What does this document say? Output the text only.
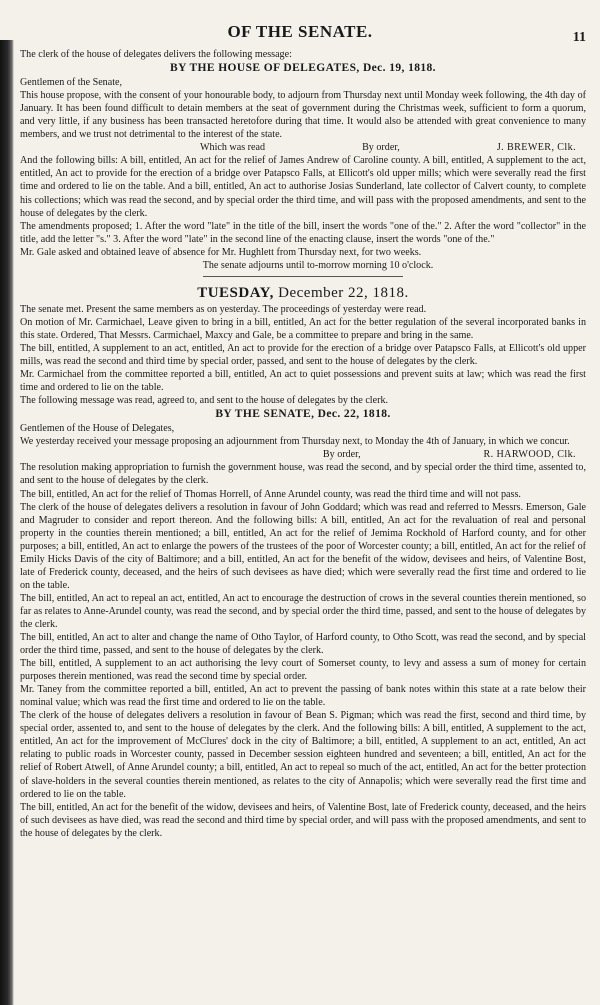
OF THE SENATE.	11

The clerk of the house of delegates delivers the following message:

BY THE HOUSE OF DELEGATES, Dec. 19, 1818.

Gentlemen of the Senate,

This house propose, with the consent of your honourable body, to adjourn from Thursday next until Monday week following, the 4th day of January. It has been found difficult to detain members at the seat of government during the Christmas week, sufficient to form a quorum, and very little, if any business has been transacted heretofore during that time. It would also be attended with great convenience to many members, and we trust not detrimental to the interest of the state.

Which was read	By order,	J. BREWER, Clk.

And the following bills: A bill, entitled, An act for the relief of James Andrew of Caroline county. A bill, entitled, A supplement to the act, entitled, An act to provide for the erection of a bridge over Patapsco Falls, at Ellicott's old upper mills; which were severally read the first time and ordered to lie on the table. And a bill, entitled, An act to authorise Josias Sunderland, late collector of Calvert county, to complete his collections; which was read the second, and by special order the third time, and will pass with the proposed amendments, and sent to the house of delegates by the clerk.

The amendments proposed; 1. After the word "late" in the title of the bill, insert the words "one of the." 2. After the word "collector" in the title, add the letter "s." 3. After the word "late" in the second line of the enacting clause, insert the words "one of the."

Mr. Gale asked and obtained leave of absence for Mr. Hughlett from Thursday next, for two weeks.

The senate adjourns until to-morrow morning 10 o'clock.

TUESDAY, December 22, 1818.

The senate met. Present the same members as on yesterday. The proceedings of yesterday were read.

On motion of Mr. Carmichael, Leave given to bring in a bill, entitled, An act for the better regulation of the several incorporated banks in this state. Ordered, That Messrs. Carmichael, Maxcy and Gale, be a committee to prepare and bring in the same.

The bill, entitled, A supplement to an act, entitled, An act to provide for the erection of a bridge over Patapsco Falls, at Ellicott's old upper mills, was read the second and third time by special order, passed, and sent to the house of delegates by the clerk.

Mr. Carmichael from the committee reported a bill, entitled, An act to quiet possessions and prevent suits at law; which was read the first time and ordered to lie on the table.

The following message was read, agreed to, and sent to the house of delegates by the clerk.

BY THE SENATE, Dec. 22, 1818.

Gentlemen of the House of Delegates,

We yesterday received your message proposing an adjournment from Thursday next, to Monday the 4th of January, in which we concur.

By order,	R. HARWOOD, Clk.

The resolution making appropriation to furnish the government house, was read the second, and by special order the third time, assented to, and sent to the house of delegates by the clerk.

The bill, entitled, An act for the relief of Thomas Horrell, of Anne Arundel county, was read the third time and will not pass.

The clerk of the house of delegates delivers a resolution in favour of John Goddard; which was read and referred to Messrs. Emerson, Gale and Magruder to consider and report thereon. And the following bills: A bill, entitled, An act for the revaluation of real and personal property in the counties therein mentioned; a bill, entitled, An act for the relief of Jemima Rockhold of Harford county, and for other purposes; a bill, entitled, An act to enlarge the powers of the trustees of the poor of Worcester county; a bill, entitled, An act for the relief of Emily Hicks Davis of the city of Baltimore; and a bill, entitled, An act for the benefit of the widow, devisees and heirs, of Valentine Bost, late of Frederick county, deceased, and the heirs of such devisees as have died; which were severally read the first time and ordered to lie on the table.

The bill, entitled, An act to repeal an act, entitled, An act to encourage the destruction of crows in the several counties therein mentioned, so far as relates to Anne-Arundel county, was read the second, and by special order the third time, passed, and sent to the house of delegates by the clerk.

The bill, entitled, An act to alter and change the name of Otho Taylor, of Harford county, to Otho Scott, was read the second, and by special order the third time, passed, and sent to the house of delegates by the clerk.

The bill, entitled, A supplement to an act authorising the levy court of Somerset county, to levy and assess a sum of money for certain purposes therein mentioned, was read the second time by special order.

Mr. Taney from the committee reported a bill, entitled, An act to prevent the passing of bank notes within this state at a rate below their nominal value; which was read the first time and ordered to lie on the table.

The clerk of the house of delegates delivers a resolution in favour of Bean S. Pigman; which was read the first, second and third time, by special order, assented to, and sent to the house of delegates by the clerk. And the following bills: A bill, entitled, A supplement to the act, entitled, An act for the improvement of McClures' dock in the city of Baltimore; a bill, entitled, A supplement to an act, entitled, An act relating to public roads in Worcester county, passed in December session eighteen hundred and seventeen; a bill, entitled, An act for the relief of Robert Atwell, of Anne Arundel county; a bill, entitled, An act to repeal so much of the act, entitled, An act for the better protection of slave-holders in the several counties therein mentioned, as relates to the city of Annapolis; which were severally read the first time and ordered to lie on the table.

The bill, entitled, An act for the benefit of the widow, devisees and heirs, of Valentine Bost, late of Frederick county, deceased, and the heirs of such devisees as have died, was read the second and third time by special order, and will pass with the proposed amendments, and sent to the house of delegates by the clerk.
